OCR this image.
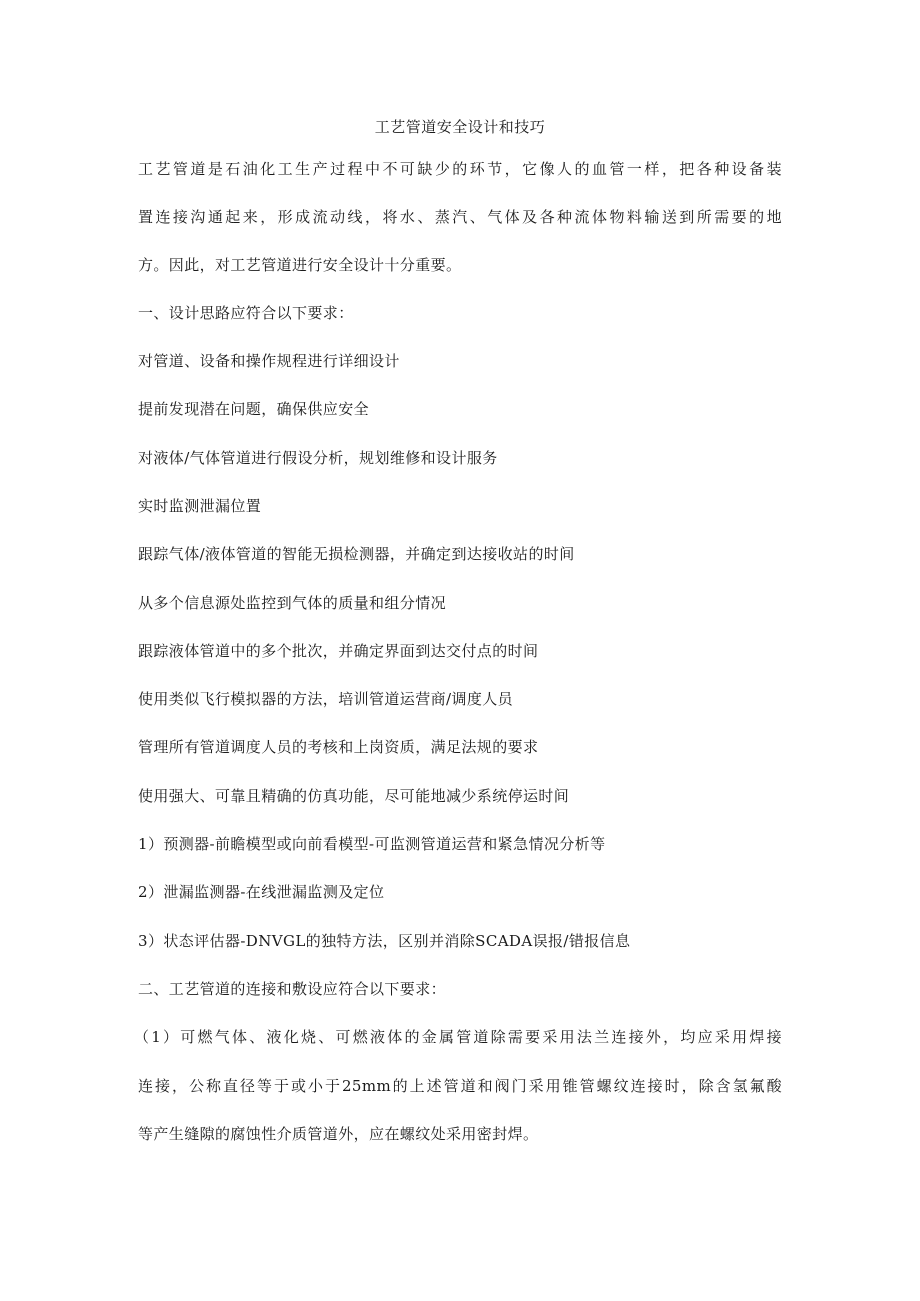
工艺管道安全设计和技巧
工艺管道是石油化工生产过程中不可缺少的环节，它像人的血管一样，把各种设备装
置连接沟通起来，形成流动线，将水、蒸汽、气体及各种流体物料输送到所需要的地
方。因此，对工艺管道进行安全设计十分重要。
一、设计思路应符合以下要求：
对管道、设备和操作规程进行详细设计
提前发现潜在问题，确保供应安全
对液体/气体管道进行假设分析，规划维修和设计服务
实时监测泄漏位置
跟踪气体/液体管道的智能无损检测器，并确定到达接收站的时间
从多个信息源处监控到气体的质量和组分情况
跟踪液体管道中的多个批次，并确定界面到达交付点的时间
使用类似飞行模拟器的方法，培训管道运营商/调度人员
管理所有管道调度人员的考核和上岗资质，满足法规的要求
使用强大、可靠且精确的仿真功能，尽可能地减少系统停运时间
1）预测器-前瞻模型或向前看模型-可监测管道运营和紧急情况分析等
2）泄漏监测器-在线泄漏监测及定位
3）状态评估器-DNVGL的独特方法，区别并消除SCADA误报/错报信息
二、工艺管道的连接和敷设应符合以下要求：
（1）可燃气体、液化烧、可燃液体的金属管道除需要采用法兰连接外，均应采用焊接
连接，公称直径等于或小于25mm的上述管道和阀门采用锥管螺纹连接时，除含氢氟酸
等产生缝隙的腐蚀性介质管道外，应在螺纹处采用密封焊。
